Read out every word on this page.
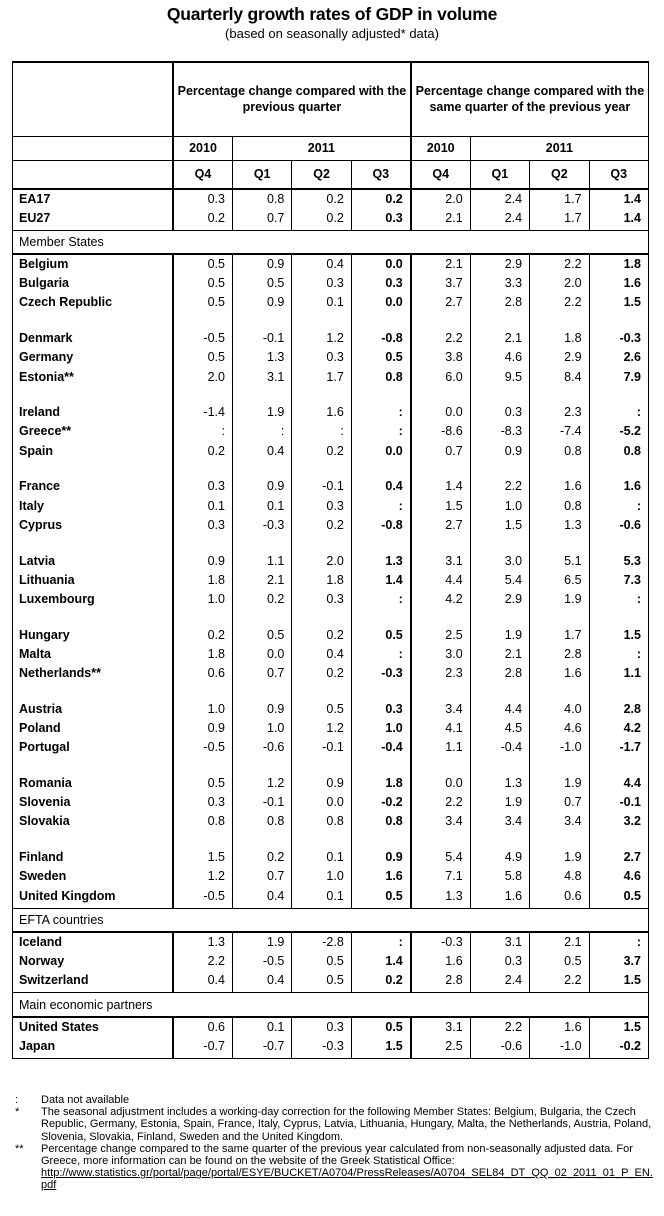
Quarterly growth rates of GDP in volume
(based on seasonally adjusted* data)
	Percentage change compared with the previous quarter				Percentage change compared with the same quarter of the previous year			
	2010	2011			2010	2011		
	Q4	Q1	Q2	Q3	Q4	Q1	Q2	Q3
EA17	0.3	0.8	0.2	0.2	2.0	2.4	1.7	1.4
EU27	0.2	0.7	0.2	0.3	2.1	2.4	1.7	1.4

Member States								
Belgium	0.5	0.9	0.4	0.0	2.1	2.9	2.2	1.8
Bulgaria	0.5	0.5	0.3	0.3	3.7	3.3	2.0	1.6
Czech Republic	0.5	0.9	0.1	0.0	2.7	2.8	2.2	1.5

Denmark	-0.5	-0.1	1.2	-0.8	2.2	2.1	1.8	-0.3
Germany	0.5	1.3	0.3	0.5	3.8	4.6	2.9	2.6
Estonia**	2.0	3.1	1.7	0.8	6.0	9.5	8.4	7.9

Ireland	-1.4	1.9	1.6	:	0.0	0.3	2.3	:
Greece**	:	:	:	:	-8.6	-8.3	-7.4	-5.2
Spain	0.2	0.4	0.2	0.0	0.7	0.9	0.8	0.8

France	0.3	0.9	-0.1	0.4	1.4	2.2	1.6	1.6
Italy	0.1	0.1	0.3	:	1.5	1.0	0.8	:
Cyprus	0.3	-0.3	0.2	-0.8	2.7	1.5	1.3	-0.6

Latvia	0.9	1.1	2.0	1.3	3.1	3.0	5.1	5.3
Lithuania	1.8	2.1	1.8	1.4	4.4	5.4	6.5	7.3
Luxembourg	1.0	0.2	0.3	:	4.2	2.9	1.9	:

Hungary	0.2	0.5	0.2	0.5	2.5	1.9	1.7	1.5
Malta	1.8	0.0	0.4	:	3.0	2.1	2.8	:
Netherlands**	0.6	0.7	0.2	-0.3	2.3	2.8	1.6	1.1

Austria	1.0	0.9	0.5	0.3	3.4	4.4	4.0	2.8
Poland	0.9	1.0	1.2	1.0	4.1	4.5	4.6	4.2
Portugal	-0.5	-0.6	-0.1	-0.4	1.1	-0.4	-1.0	-1.7

Romania	0.5	1.2	0.9	1.8	0.0	1.3	1.9	4.4
Slovenia	0.3	-0.1	0.0	-0.2	2.2	1.9	0.7	-0.1
Slovakia	0.8	0.8	0.8	0.8	3.4	3.4	3.4	3.2

Finland	1.5	0.2	0.1	0.9	5.4	4.9	1.9	2.7
Sweden	1.2	0.7	1.0	1.6	7.1	5.8	4.8	4.6
United Kingdom	-0.5	0.4	0.1	0.5	1.3	1.6	0.6	0.5

EFTA countries								
Iceland	1.3	1.9	-2.8	:	-0.3	3.1	2.1	:
Norway	2.2	-0.5	0.5	1.4	1.6	0.3	0.5	3.7
Switzerland	0.4	0.4	0.5	0.2	2.8	2.4	2.2	1.5

Main economic partners								
United States	0.6	0.1	0.3	0.5	3.1	2.2	1.6	1.5
Japan	-0.7	-0.7	-0.3	1.5	2.5	-0.6	-1.0	-0.2

: Data not available
* The seasonal adjustment includes a working-day correction for the following Member States: Belgium, Bulgaria, the Czech Republic, Germany, Estonia, Spain, France, Italy, Cyprus, Latvia, Lithuania, Hungary, Malta, the Netherlands, Austria, Poland, Slovenia, Slovakia, Finland, Sweden and the United Kingdom.
** Percentage change compared to the same quarter of the previous year calculated from non-seasonally adjusted data. For Greece, more information can be found on the website of the Greek Statistical Office:
http://www.statistics.gr/portal/page/portal/ESYE/BUCKET/A0704/PressReleases/A0704_SEL84_DT_QQ_02_2011_01_P_EN.pdf
